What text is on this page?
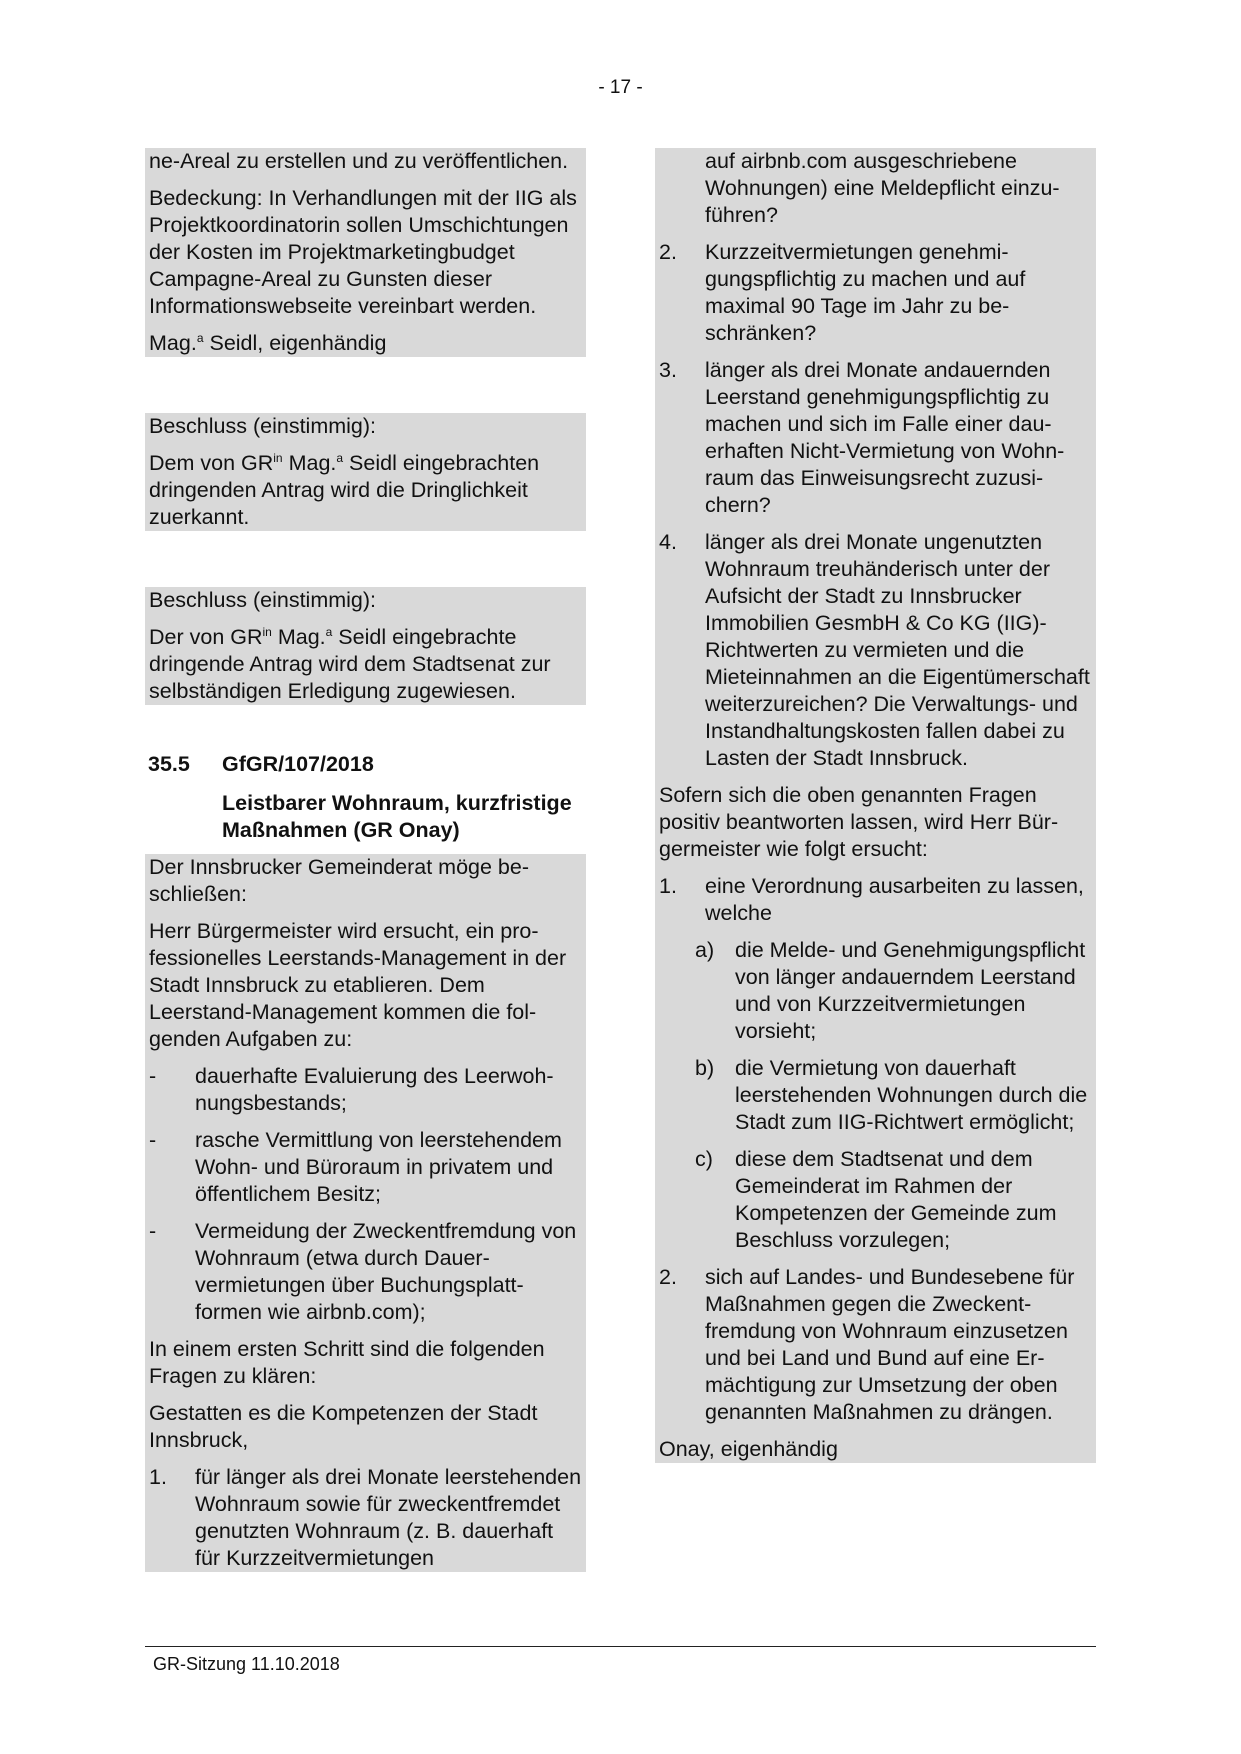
- 17 -

ne-Areal zu erstellen und zu veröffentlichen.

Bedeckung: In Verhandlungen mit der IIG als Projektkoordinatorin sollen Umschichtungen der Kosten im Projektmarketingbudget Campagne-Areal zu Gunsten dieser Informationswebseite vereinbart werden.

Mag.$^a$ Seidl, eigenhändig

Beschluss (einstimmig):

Dem von $GR^{in}$ Mag.$^a$ Seidl eingebrachten dringenden Antrag wird die Dringlichkeit zuerkannt.

Beschluss (einstimmig):

Der von $GR^{in}$ Mag.$^a$ Seidl eingebrachte dringende Antrag wird dem Stadtsenat zur selbständigen Erledigung zugewiesen.

35.5 GfGR/107/2018
Leistbarer Wohnraum, kurzfristige Maßnahmen (GR Onay)

Der Innsbrucker Gemeinderat möge beschließen:

Herr Bürgermeister wird ersucht, ein professionelles Leerstands-Management in der Stadt Innsbruck zu etablieren. Dem Leerstand-Management kommen die folgenden Aufgaben zu:

-	dauerhafte Evaluierung des Leerwohnungsbestands;
-	rasche Vermittlung von leerstehendem Wohn- und Büroraum in privatem und öffentlichem Besitz;
-	Vermeidung der Zweckentfremdung von Wohnraum (etwa durch Dauervermietungen über Buchungsplattformen wie airbnb.com);

In einem ersten Schritt sind die folgenden Fragen zu klären:

Gestatten es die Kompetenzen der Stadt Innsbruck,

1.	für länger als drei Monate leerstehenden Wohnraum sowie für zweckentfremdet genutzten Wohnraum (z. B. dauerhaft für Kurzzeitvermietungen
auf airbnb.com ausgeschriebene Wohnungen) eine Meldepflicht einzuführen?
2.	Kurzzeitvermietungen genehmigungspflichtig zu machen und auf maximal 90 Tage im Jahr zu beschränken?
3.	länger als drei Monate andauernden Leerstand genehmigungspflichtig zu machen und sich im Falle einer dauerhaften Nicht-Vermietung von Wohnraum das Einweisungsrecht zuzusichern?
4.	länger als drei Monate ungenutzten Wohnraum treuhänderisch unter der Aufsicht der Stadt zu Innsbrucker Immobilien GesmbH & Co KG (IIG)-Richtwerten zu vermieten und die Mieteinnahmen an die Eigentümerschaft weiterzureichen? Die Verwaltungs- und Instandhaltungskosten fallen dabei zu Lasten der Stadt Innsbruck.

Sofern sich die oben genannten Fragen positiv beantworten lassen, wird Herr Bürgermeister wie folgt ersucht:

1.	eine Verordnung ausarbeiten zu lassen, welche
a) die Melde- und Genehmigungspflicht von länger andauerndem Leerstand und von Kurzzeitvermietungen vorsieht;
b) die Vermietung von dauerhaft leerstehenden Wohnungen durch die Stadt zum IIG-Richtwert ermöglicht;
c)	diese dem Stadtsenat und dem Gemeinderat im Rahmen der Kompetenzen der Gemeinde zum Beschluss vorzulegen;
2.	sich auf Landes- und Bundesebene für Maßnahmen gegen die Zweckentfremdung von Wohnraum einzusetzen und bei Land und Bund auf eine Ermächtigung zur Umsetzung der oben genannten Maßnahmen zu drängen.

Onay, eigenhändig

GR-Sitzung 11.10.2018
